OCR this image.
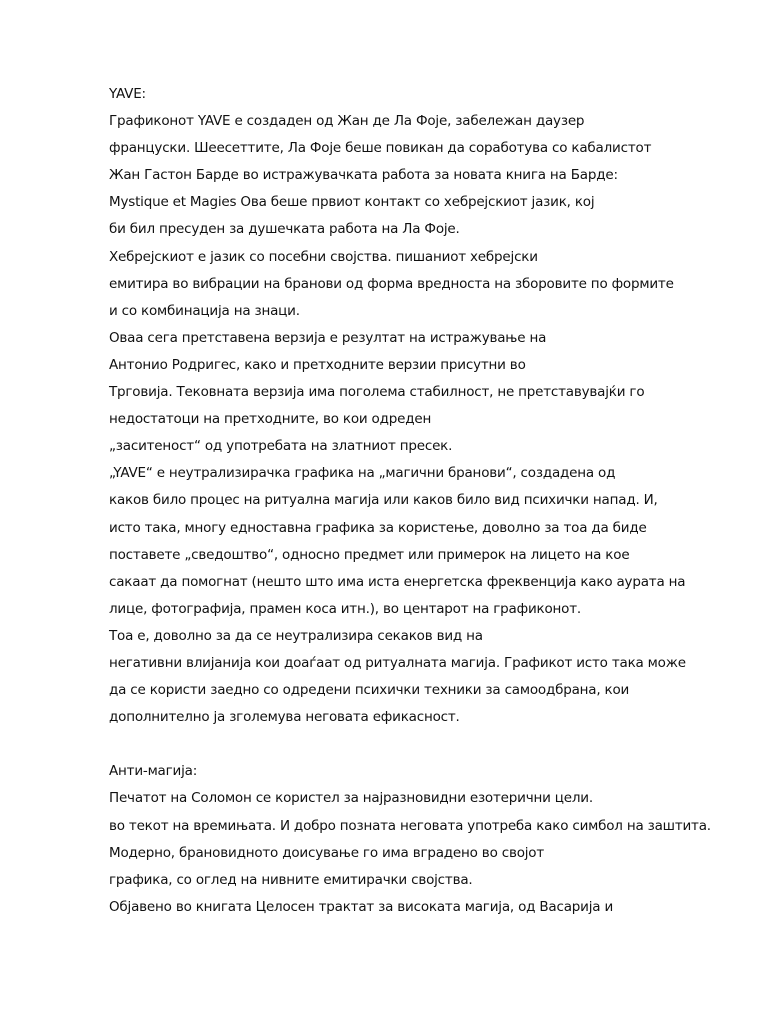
YAVE:
Графиконот YAVE е создаден од Жан де Ла Фоје, забележан даузер
француски. Шеесеттите, Ла Фоје беше повикан да соработува со кабалистот
Жан Гастон Барде во истражувачката работа за новата книга на Барде:
Mystique et Magies Ова беше првиот контакт со хебрејскиот јазик, кој
би бил пресуден за душечката работа на Ла Фоје.
Хебрејскиот е јазик со посебни својства. пишаниот хебрејски
емитира во вибрации на бранови од форма вредноста на зборовите по формите
и со комбинација на знаци.
Оваа сега претставена верзија е резултат на истражување на
Антонио Родригес, како и претходните верзии присутни во
Трговија. Тековната верзија има поголема стабилност, не претставувајќи го
недостатоци на претходните, во кои одреден
„заситеност“ од употребата на златниот пресек.
„YAVE“ е неутрализирачка графика на „магични бранови“, создадена од
каков било процес на ритуална магија или каков било вид психички напад. И,
исто така, многу едноставна графика за користење, доволно за тоа да биде
поставете „сведоштво“, односно предмет или примерок на лицето на кое
сакаат да помогнат (нешто што има иста енергетска фреквенција како аурата на
лице, фотографија, прамен коса итн.), во центарот на графиконот.
Тоа е, доволно за да се неутрализира секаков вид на
негативни влијанија кои доаѓаат од ритуалната магија. Графикот исто така може
да се користи заедно со одредени психички техники за самоодбрана, кои
дополнително ја зголемува неговата ефикасност.
Анти-магија:
Печатот на Соломон се користел за најразновидни езотерични цели.
во текот на времињата. И добро позната неговата употреба како симбол на заштита.
Модерно, брановидното доисување го има вградено во својот
графика, со оглед на нивните емитирачки својства.
Објавено во книгата Целосен трактат за високата магија, од Васарија и
